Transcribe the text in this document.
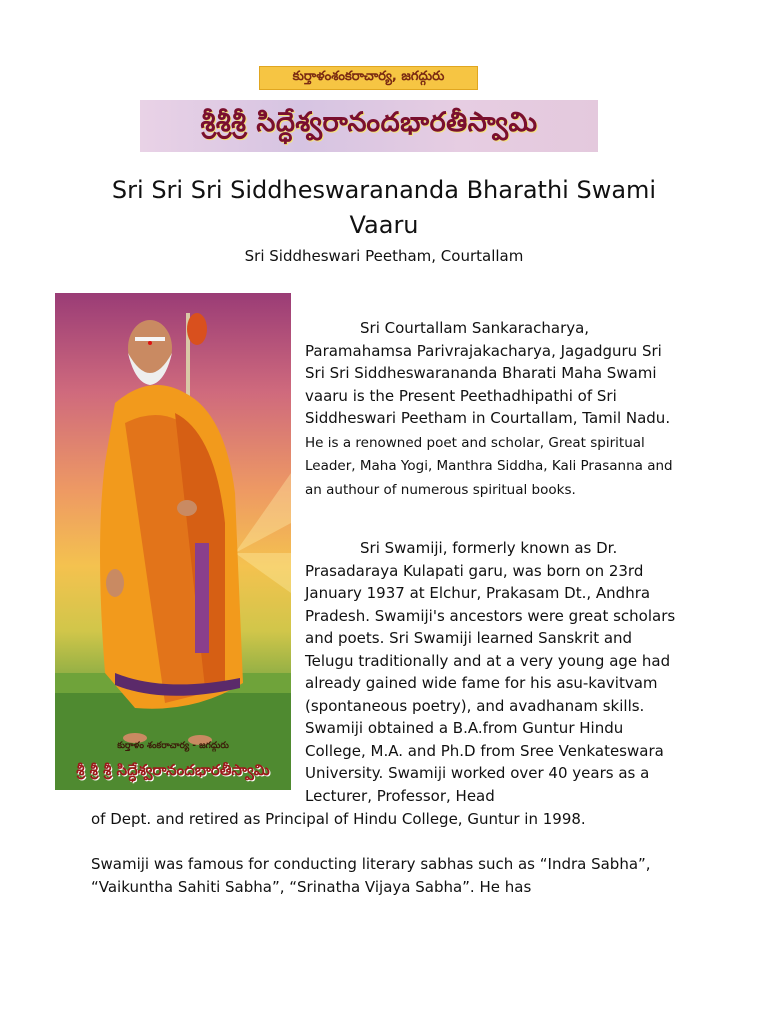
కుర్తాళంశంకరాచార్య, జగద్గురు
శ్రీశ్రీశ్రీ సిద్ధేశ్వరానందభారతీస్వామి
Sri Sri Sri Siddheswarananda Bharathi Swami Vaaru
Sri Siddheswari Peetham, Courtallam
కుర్తాళం శంకరాచార్య - జగద్గురు
శ్రీ శ్రీ శ్రీ సిద్ధేశ్వరానందభారతీస్వామి

Sri Courtallam Sankaracharya, Paramahamsa Parivrajakacharya, Jagadguru Sri Sri Sri Siddheswarananda Bharati Maha Swami vaaru is the Present Peethadhipathi of Sri Siddheswari Peetham in Courtallam, Tamil Nadu. He is a renowned poet and scholar, Great spiritual Leader, Maha Yogi, Manthra Siddha, Kali Prasanna and an authour of numerous spiritual books.

Sri Swamiji, formerly known as Dr. Prasadaraya Kulapati garu, was born on 23rd January 1937 at Elchur, Prakasam Dt., Andhra Pradesh. Swamiji's ancestors were great scholars and poets. Sri Swamiji learned Sanskrit and Telugu traditionally and at a very young age had already gained wide fame for his asu-kavitvam (spontaneous poetry), and avadhanam skills. Swamiji obtained a B.A.from Guntur Hindu College, M.A. and Ph.D from Sree Venkateswara University. Swamiji worked over 40 years as a Lecturer, Professor, Head

of Dept. and retired as Principal of Hindu College, Guntur in 1998.

Swamiji was famous for conducting literary sabhas such as “Indra Sabha”, “Vaikuntha Sahiti Sabha”, “Srinatha Vijaya Sabha”. He has
